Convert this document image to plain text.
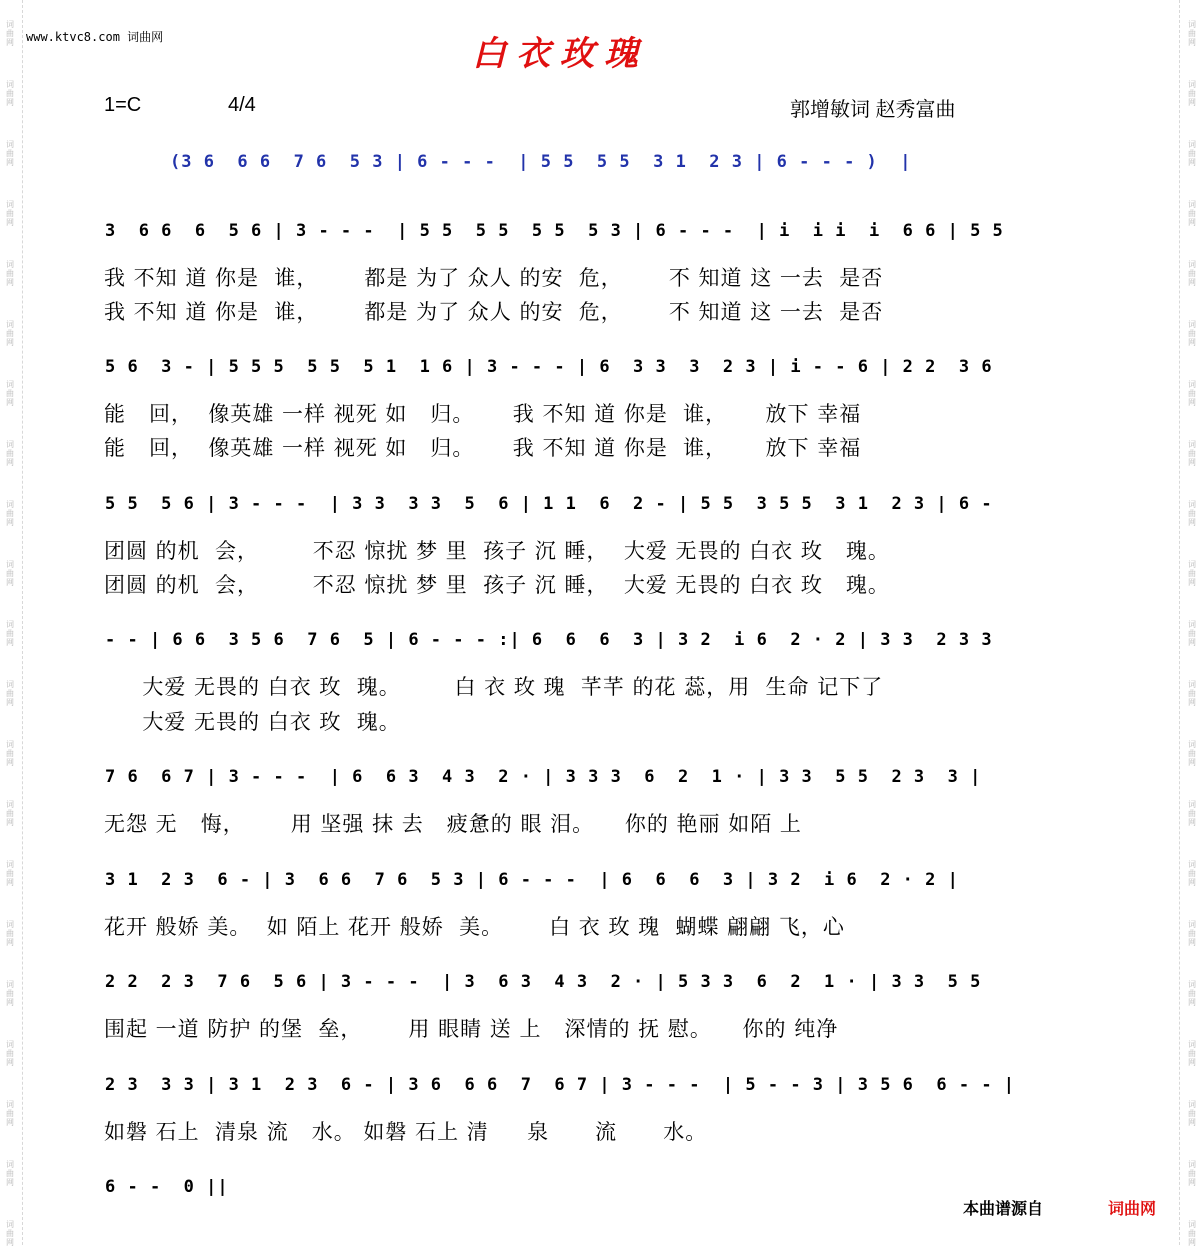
词
曲
网
词
曲
网
词
曲
网
词
曲
网
词
曲
网
词
曲
网
词
曲
网
词
曲
网
词
曲
网
词
曲
网
词
曲
网
词
曲
网
词
曲
网
词
曲
网
词
曲
网
词
曲
网
词
曲
网
词
曲
网
词
曲
网
词
曲
网
词
曲
网
词
曲
网
词
曲
网
词
曲
网
词
曲
网
词
曲
网
词
曲
网
词
曲
网
词
曲
网
词
曲
网
词
曲
网
词
曲
网
词
曲
网
词
曲
网
词
曲
网
词
曲
网
词
曲
网
词
曲
网
词
曲
网
词
曲
网
词
曲
网
词
曲
网
www.ktvc8.com 词曲网	白衣玫瑰
1=C	4/4	郭增敏词 赵秀富曲
(3 6  6 6  7 6  5 3 | 6 - - -  | 5 5  5 5  3 1  2 3 | 6 - - - )  |
3  6 6  6  5 6 | 3 - - -  | 5 5  5 5  5 5  5 3 | 6 - - -  | i  i i  i  6 6 | 5 5
我 不知 道 你是  谁，      都是 为了 众人 的安  危，      不 知道 这 一去  是否
我 不知 道 你是  谁，      都是 为了 众人 的安  危，      不 知道 这 一去  是否
5 6  3 - | 5 5 5  5 5  5 1  1 6 | 3 - - - | 6  3 3  3  2 3 | i - - 6 | 2 2  3 6
能   回，  像英雄 一样 视死 如   归。     我 不知 道 你是  谁，     放下 幸福
能   回，  像英雄 一样 视死 如   归。     我 不知 道 你是  谁，     放下 幸福
5 5  5 6 | 3 - - -  | 3 3  3 3  5  6 | 1 1  6  2 - | 5 5  3 5 5  3 1  2 3 | 6 -
团圆 的机  会，       不忍 惊扰 梦 里  孩子 沉 睡，  大爱 无畏的 白衣 玫   瑰。
团圆 的机  会，       不忍 惊扰 梦 里  孩子 沉 睡，  大爱 无畏的 白衣 玫   瑰。
- - | 6 6  3 5 6  7 6  5 | 6 - - - :| 6  6  6  3 | 3 2  i 6  2 · 2 | 3 3  2 3 3
大爱 无畏的 白衣 玫  瑰。       白 衣 玫 瑰  芊芊 的花 蕊，用  生命 记下了
大爱 无畏的 白衣 玫  瑰。
7 6  6 7 | 3 - - -  | 6  6 3  4 3  2 · | 3 3 3  6  2  1 · | 3 3  5 5  2 3  3 |
无怨 无   悔，      用 坚强 抹 去   疲惫的 眼 泪。    你的 艳丽 如陌 上
3 1  2 3  6 - | 3  6 6  7 6  5 3 | 6 - - -  | 6  6  6  3 | 3 2  i 6  2 · 2 |
花开 般娇 美。  如 陌上 花开 般娇  美。      白 衣 玫 瑰  蝴蝶 翩翩 飞，心
2 2  2 3  7 6  5 6 | 3 - - -  | 3  6 3  4 3  2 · | 5 3 3  6  2  1 · | 3 3  5 5
围起 一道 防护 的堡  垒，      用 眼睛 送 上   深情的 抚 慰。    你的 纯净
2 3  3 3 | 3 1  2 3  6 - | 3 6  6 6  7  6 7 | 3 - - -  | 5 - - 3 | 3 5 6  6 - - |
如磐 石上  清泉 流   水。 如磐 石上 清     泉      流      水。
6 - -  0 ||
本曲谱源自	词曲网
